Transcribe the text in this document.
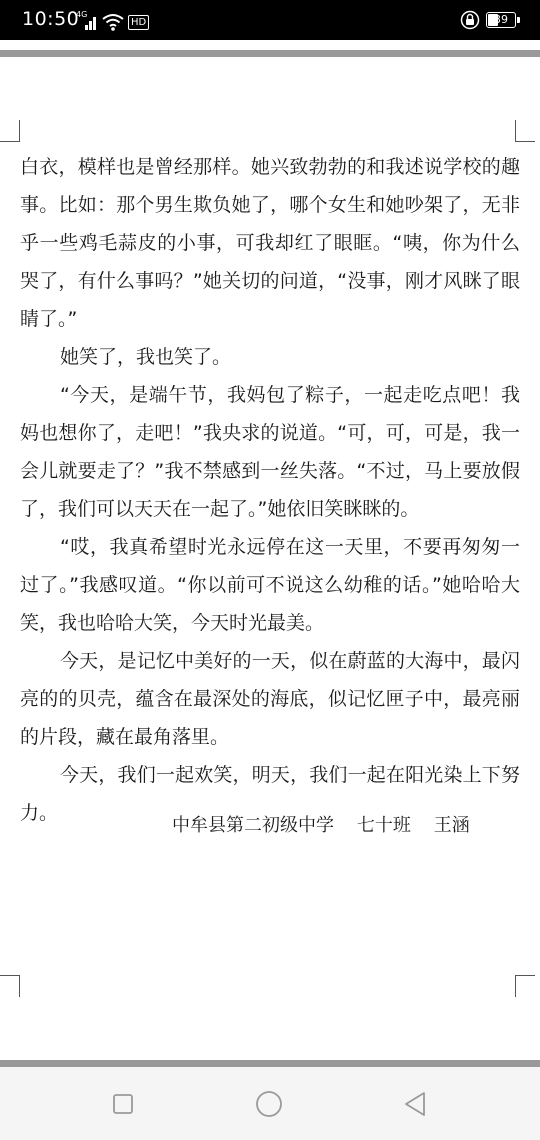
10:50
4G
HD	39

白衣，模样也是曾经那样。她兴致勃勃的和我述说学校的趣事。比如：那个男生欺负她了，哪个女生和她吵架了，无非乎一些鸡毛蒜皮的小事，可我却红了眼眶。“咦，你为什么哭了，有什么事吗？”她关切的问道，“没事，刚才风眯了眼睛了。”

她笑了，我也笑了。

“今天，是端午节，我妈包了粽子，一起走吃点吧！我妈也想你了，走吧！”我央求的说道。“可，可，可是，我一会儿就要走了？”我不禁感到一丝失落。“不过，马上要放假了，我们可以天天在一起了。”她依旧笑眯眯的。

“哎，我真希望时光永远停在这一天里，不要再匆匆一过了。”我感叹道。“你以前可不说这么幼稚的话。”她哈哈大笑，我也哈哈大笑，今天时光最美。

今天，是记忆中美好的一天，似在蔚蓝的大海中，最闪亮的的贝壳，蕴含在最深处的海底，似记忆匣子中，最亮丽的片段，藏在最角落里。

今天，我们一起欢笑，明天，我们一起在阳光染上下努力。

中牟县第二初级中学    七十班    王涵
